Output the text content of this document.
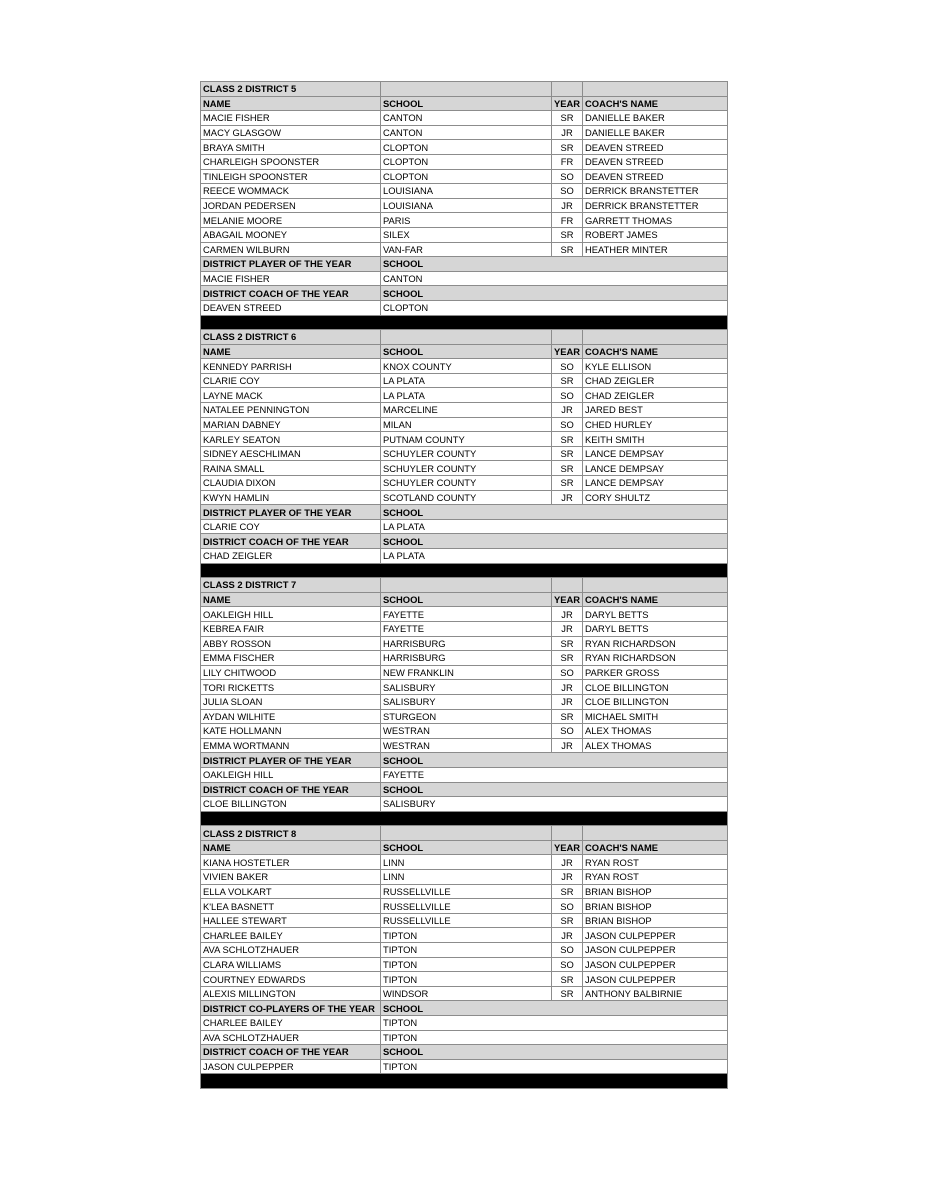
CLASS 2 DISTRICT 5			
NAME	SCHOOL	YEAR	COACH'S NAME
MACIE FISHER	CANTON	SR	DANIELLE BAKER
MACY GLASGOW	CANTON	JR	DANIELLE BAKER
BRAYA SMITH	CLOPTON	SR	DEAVEN STREED
CHARLEIGH SPOONSTER	CLOPTON	FR	DEAVEN STREED
TINLEIGH SPOONSTER	CLOPTON	SO	DEAVEN STREED
REECE WOMMACK	LOUISIANA	SO	DERRICK BRANSTETTER
JORDAN PEDERSEN	LOUISIANA	JR	DERRICK BRANSTETTER
MELANIE MOORE	PARIS	FR	GARRETT THOMAS
ABAGAIL MOONEY	SILEX	SR	ROBERT JAMES
CARMEN WILBURN	VAN-FAR	SR	HEATHER MINTER
DISTRICT PLAYER OF THE YEAR	SCHOOL		
MACIE FISHER	CANTON		
DISTRICT COACH OF THE YEAR	SCHOOL		
DEAVEN STREED	CLOPTON		

CLASS 2 DISTRICT 6			
NAME	SCHOOL	YEAR	COACH'S NAME
KENNEDY PARRISH	KNOX COUNTY	SO	KYLE ELLISON
CLARIE COY	LA PLATA	SR	CHAD ZEIGLER
LAYNE MACK	LA PLATA	SO	CHAD ZEIGLER
NATALEE PENNINGTON	MARCELINE	JR	JARED BEST
MARIAN DABNEY	MILAN	SO	CHED HURLEY
KARLEY SEATON	PUTNAM COUNTY	SR	KEITH SMITH
SIDNEY AESCHLIMAN	SCHUYLER COUNTY	SR	LANCE DEMPSAY
RAINA SMALL	SCHUYLER COUNTY	SR	LANCE DEMPSAY
CLAUDIA DIXON	SCHUYLER COUNTY	SR	LANCE DEMPSAY
KWYN HAMLIN	SCOTLAND COUNTY	JR	CORY SHULTZ
DISTRICT PLAYER OF THE YEAR	SCHOOL		
CLARIE COY	LA PLATA		
DISTRICT COACH OF THE YEAR	SCHOOL		
CHAD ZEIGLER	LA PLATA		

CLASS 2 DISTRICT 7			
NAME	SCHOOL	YEAR	COACH'S NAME
OAKLEIGH HILL	FAYETTE	JR	DARYL BETTS
KEBREA FAIR	FAYETTE	JR	DARYL BETTS
ABBY ROSSON	HARRISBURG	SR	RYAN RICHARDSON
EMMA FISCHER	HARRISBURG	SR	RYAN RICHARDSON
LILY CHITWOOD	NEW FRANKLIN	SO	PARKER GROSS
TORI RICKETTS	SALISBURY	JR	CLOE BILLINGTON
JULIA SLOAN	SALISBURY	JR	CLOE BILLINGTON
AYDAN WILHITE	STURGEON	SR	MICHAEL SMITH
KATE HOLLMANN	WESTRAN	SO	ALEX THOMAS
EMMA WORTMANN	WESTRAN	JR	ALEX THOMAS
DISTRICT PLAYER OF THE YEAR	SCHOOL		
OAKLEIGH HILL	FAYETTE		
DISTRICT COACH OF THE YEAR	SCHOOL		
CLOE BILLINGTON	SALISBURY		

CLASS 2 DISTRICT 8			
NAME	SCHOOL	YEAR	COACH'S NAME
KIANA HOSTETLER	LINN	JR	RYAN ROST
VIVIEN BAKER	LINN	JR	RYAN ROST
ELLA VOLKART	RUSSELLVILLE	SR	BRIAN BISHOP
K'LEA BASNETT	RUSSELLVILLE	SO	BRIAN BISHOP
HALLEE STEWART	RUSSELLVILLE	SR	BRIAN BISHOP
CHARLEE BAILEY	TIPTON	JR	JASON CULPEPPER
AVA SCHLOTZHAUER	TIPTON	SO	JASON CULPEPPER
CLARA WILLIAMS	TIPTON	SO	JASON CULPEPPER
COURTNEY EDWARDS	TIPTON	SR	JASON CULPEPPER
ALEXIS MILLINGTON	WINDSOR	SR	ANTHONY BALBIRNIE
DISTRICT CO-PLAYERS OF THE YEAR	SCHOOL		
CHARLEE BAILEY	TIPTON		
AVA SCHLOTZHAUER	TIPTON		
DISTRICT COACH OF THE YEAR	SCHOOL		
JASON CULPEPPER	TIPTON		
